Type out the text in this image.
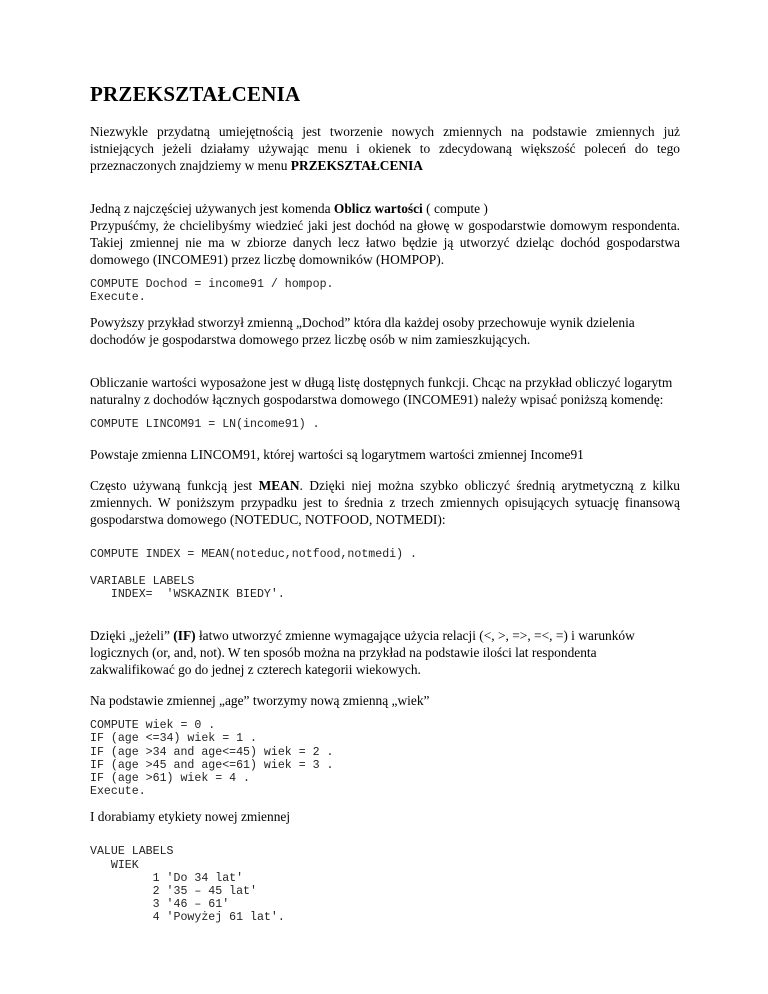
PRZEKSZTAŁCENIA

Niezwykle przydatną umiejętnością jest tworzenie nowych zmiennych na podstawie zmiennych już istniejących jeżeli działamy używając menu i okienek to zdecydowaną większość poleceń do tego przeznaczonych znajdziemy w menu PRZEKSZTAŁCENIA

Jedną z najczęściej używanych jest komenda Oblicz wartości ( compute )

Przypuśćmy, że chcielibyśmy wiedzieć jaki jest dochód na głowę w gospodarstwie domowym respondenta. Takiej zmiennej nie ma w zbiorze danych lecz łatwo będzie ją utworzyć dzieląc dochód gospodarstwa domowego (INCOME91) przez liczbę domowników (HOMPOP).

COMPUTE Dochod = income91 / hompop.
Execute.

Powyższy przykład stworzył zmienną „Dochod” która dla każdej osoby przechowuje wynik dzielenia dochodów je gospodarstwa domowego przez liczbę osób w nim zamieszkujących.

Obliczanie wartości wyposażone jest w długą listę dostępnych funkcji. Chcąc na przykład obliczyć logarytm naturalny z dochodów łącznych gospodarstwa domowego (INCOME91) należy wpisać poniższą komendę:

COMPUTE LINCOM91 = LN(income91) .

Powstaje zmienna LINCOM91, której wartości są logarytmem wartości zmiennej Income91

Często używaną funkcją jest MEAN. Dzięki niej można szybko obliczyć średnią arytmetyczną z kilku zmiennych. W poniższym przypadku jest to średnia z trzech zmiennych opisujących sytuację finansową gospodarstwa domowego (NOTEDUC, NOTFOOD, NOTMEDI):

COMPUTE INDEX = MEAN(noteduc,notfood,notmedi) .
VARIABLE LABELS
INDEX=  'WSKAZNIK BIEDY'.

Dzięki „jeżeli” (IF) łatwo utworzyć zmienne wymagające użycia relacji (<, >, =>, =<, =) i warunków logicznych (or, and, not). W ten sposób można na przykład na podstawie ilości lat respondenta zakwalifikować go do jednej z czterech kategorii wiekowych.

Na podstawie zmiennej „age” tworzymy nową zmienną „wiek”

COMPUTE wiek = 0 .
IF (age <=34) wiek = 1 .
IF (age >34 and age<=45) wiek = 2 .
IF (age >45 and age<=61) wiek = 3 .
IF (age >61) wiek = 4 .
Execute.

I dorabiamy etykiety nowej zmiennej

VALUE LABELS
WIEK
1 'Do 34 lat'
2 '35 – 45 lat'
3 '46 – 61'
4 'Powyżej 61 lat'.
